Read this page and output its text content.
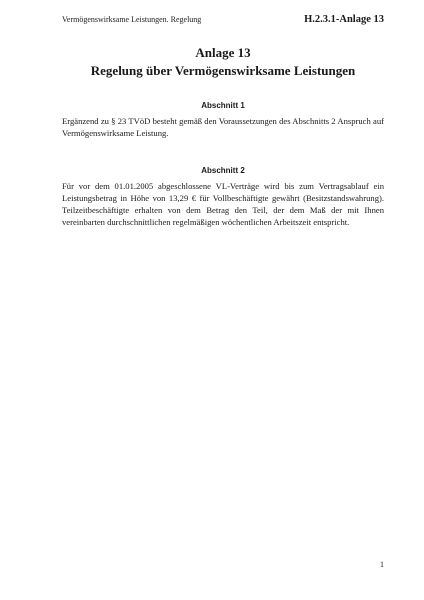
Vermögenswirksame Leistungen. Regelung	H.2.3.1-Anlage 13
Anlage 13
Regelung über Vermögenswirksame Leistungen
Abschnitt 1
Ergänzend zu § 23 TVöD besteht gemäß den Voraussetzungen des Abschnitts 2 Anspruch auf Vermögenswirksame Leistung.
Abschnitt 2
Für vor dem 01.01.2005 abgeschlossene VL-Verträge wird bis zum Vertragsablauf ein Leistungsbetrag in Höhe von 13,29 € für Vollbeschäftigte gewährt (Besitzstandswahrung). Teilzeitbeschäftigte erhalten von dem Betrag den Teil, der dem Maß der mit Ihnen vereinbarten durchschnittlichen regelmäßigen wöchentlichen Arbeitszeit entspricht.
1
